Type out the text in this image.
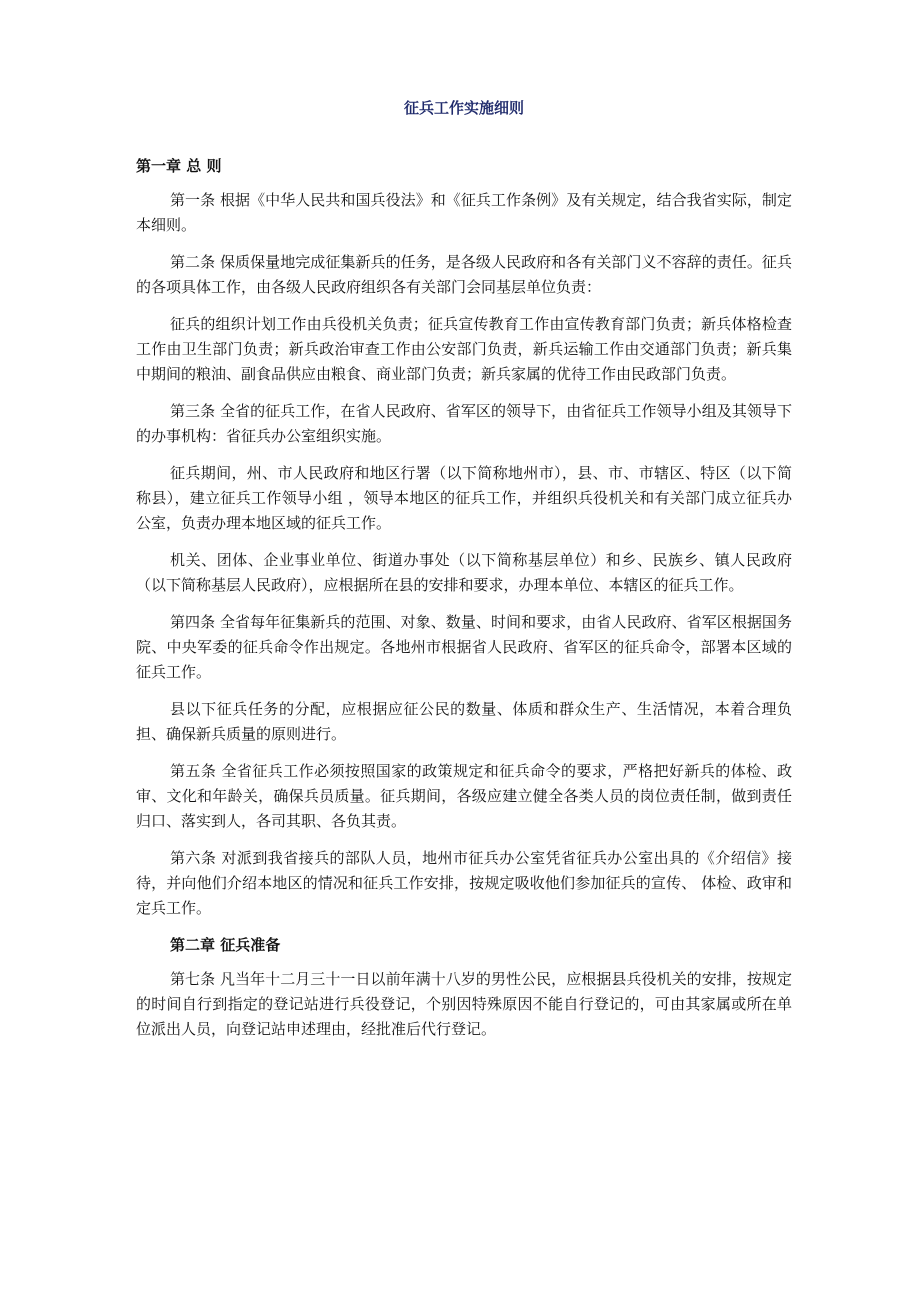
征兵工作实施细则
第一章 总 则

第一条 根据《中华人民共和国兵役法》和《征兵工作条例》及有关规定，结合我省实际，制定本细则。

第二条 保质保量地完成征集新兵的任务，是各级人民政府和各有关部门义不容辞的责任。征兵的各项具体工作，由各级人民政府组织各有关部门会同基层单位负责：

征兵的组织计划工作由兵役机关负责；征兵宣传教育工作由宣传教育部门负责；新兵体格检查工作由卫生部门负责；新兵政治审查工作由公安部门负责，新兵运输工作由交通部门负责；新兵集中期间的粮油、副食品供应由粮食、商业部门负责；新兵家属的优待工作由民政部门负责。

第三条 全省的征兵工作，在省人民政府、省军区的领导下，由省征兵工作领导小组及其领导下的办事机构：省征兵办公室组织实施。

征兵期间，州、市人民政府和地区行署（以下简称地州市），县、市、市辖区、特区（以下简称县），建立征兵工作领导小组 ，领导本地区的征兵工作，并组织兵役机关和有关部门成立征兵办公室，负责办理本地区域的征兵工作。

机关、团体、企业事业单位、街道办事处（以下简称基层单位）和乡、民族乡、镇人民政府（以下简称基层人民政府），应根据所在县的安排和要求，办理本单位、本辖区的征兵工作。

第四条 全省每年征集新兵的范围、对象、数量、时间和要求，由省人民政府、省军区根据国务院、中央军委的征兵命令作出规定。各地州市根据省人民政府、省军区的征兵命令，部署本区域的征兵工作。

县以下征兵任务的分配，应根据应征公民的数量、体质和群众生产、生活情况，本着合理负担、确保新兵质量的原则进行。

第五条 全省征兵工作必须按照国家的政策规定和征兵命令的要求，严格把好新兵的体检、政审、文化和年龄关，确保兵员质量。征兵期间，各级应建立健全各类人员的岗位责任制，做到责任归口、落实到人，各司其职、各负其责。

第六条 对派到我省接兵的部队人员，地州市征兵办公室凭省征兵办公室出具的《介绍信》接待，并向他们介绍本地区的情况和征兵工作安排，按规定吸收他们参加征兵的宣传、 体检、政审和定兵工作。

第二章 征兵准备

第七条 凡当年十二月三十一日以前年满十八岁的男性公民，应根据县兵役机关的安排，按规定的时间自行到指定的登记站进行兵役登记，个别因特殊原因不能自行登记的，可由其家属或所在单位派出人员，向登记站申述理由，经批准后代行登记。
